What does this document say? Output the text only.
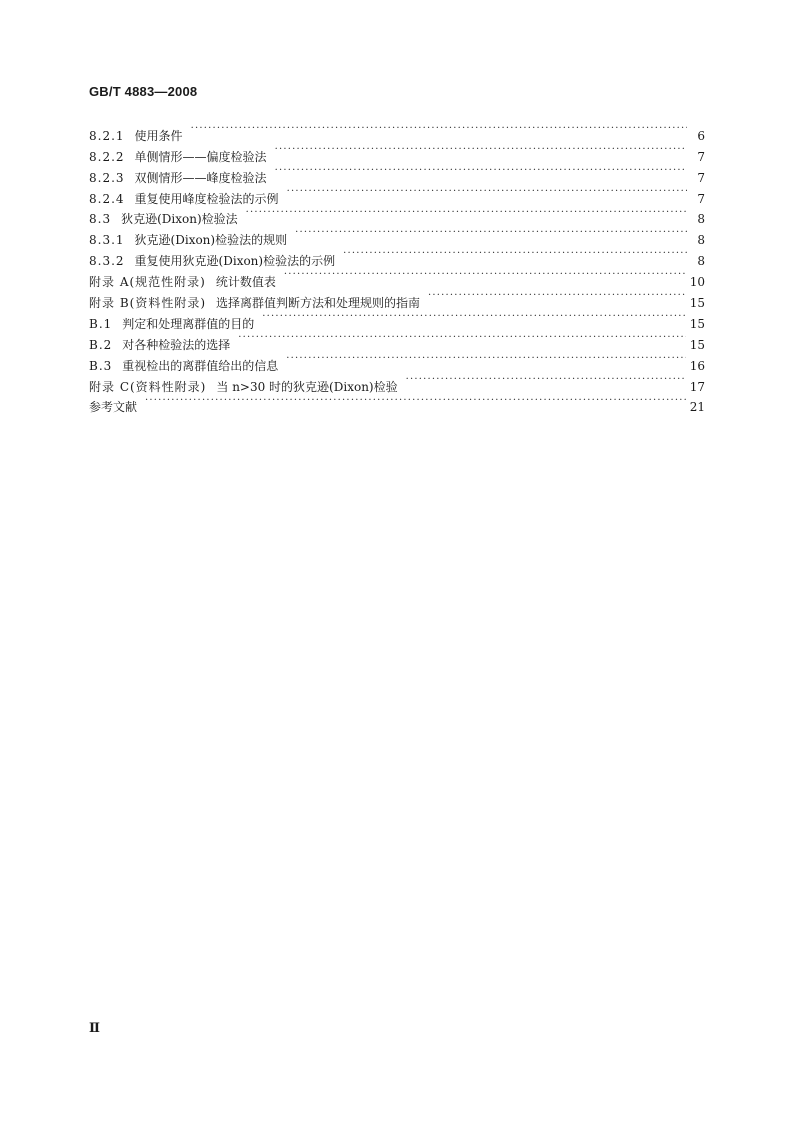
GB/T 4883—2008
8.2.1 使用条件 ·····	6
8.2.2 单侧情形——偏度检验法 ·····	7
8.2.3 双侧情形——峰度检验法 ·····	7
8.2.4 重复使用峰度检验法的示例 ·····	7
8.3 狄克逊(Dixon)检验法 ·····	8
8.3.1 狄克逊(Dixon)检验法的规则 ·····	8
8.3.2 重复使用狄克逊(Dixon)检验法的示例 ·····	8
附录 A(规范性附录) 统计数值表 ·····	10
附录 B(资料性附录) 选择离群值判断方法和处理规则的指南 ·····	15
B.1 判定和处理离群值的目的 ·····	15
B.2 对各种检验法的选择 ·····	15
B.3 重视检出的离群值给出的信息 ·····	16
附录 C(资料性附录) 当 n>30 时的狄克逊(Dixon)检验 ·····	17
参考文献 ·····	21
Ⅱ
